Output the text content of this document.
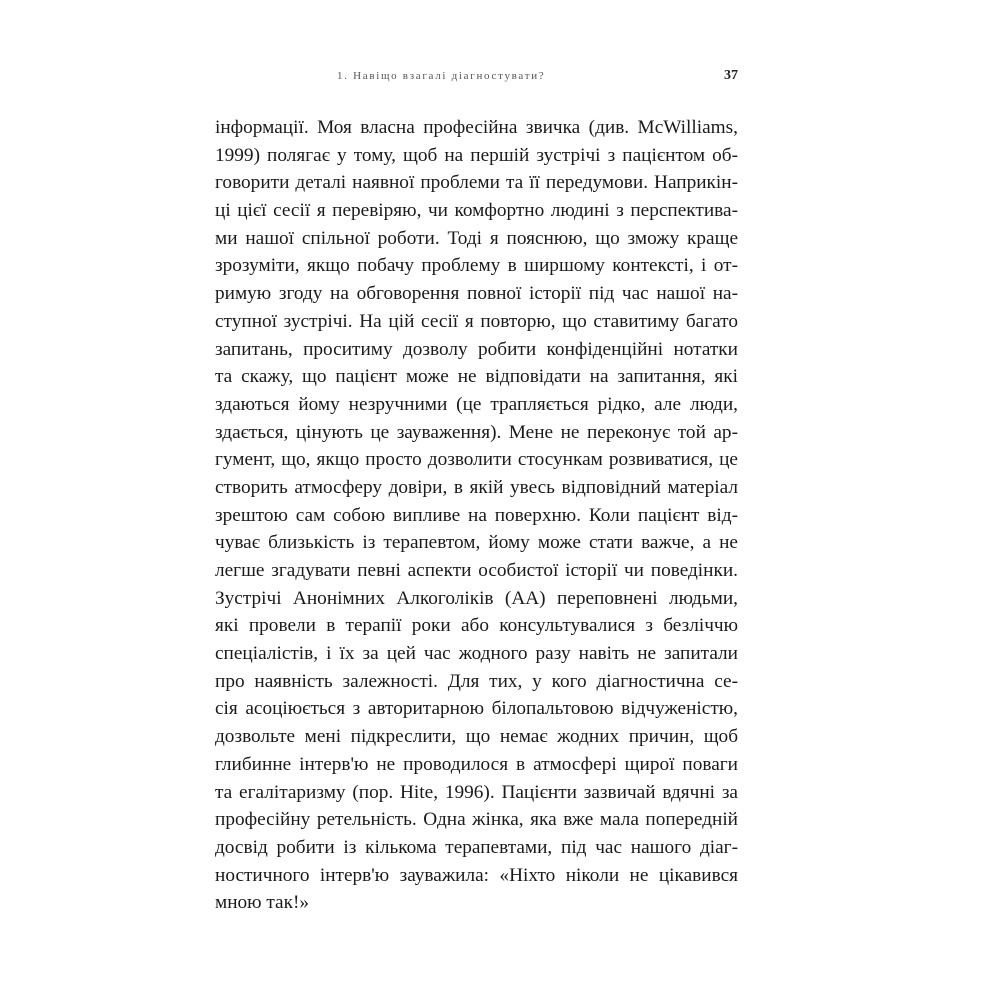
1. Навіщо взагалі діагностувати?	37
інформації. Моя власна професійна звичка (див. McWilliams,
1999) полягає у тому, щоб на першій зустрічі з пацієнтом об-
говорити деталі наявної проблеми та її передумови. Наприкін-
ці цієї сесії я перевіряю, чи комфортно людині з перспектива-
ми нашої спільної роботи. Тоді я пояснюю, що зможу краще
зрозуміти, якщо побачу проблему в ширшому контексті, і от-
римую згоду на обговорення повної історії під час нашої на-
ступної зустрічі. На цій сесії я повторю, що ставитиму багато
запитань, проситиму дозволу робити конфіденційні нотатки
та скажу, що пацієнт може не відповідати на запитання, які
здаються йому незручними (це трапляється рідко, але люди,
здається, цінують це зауваження). Мене не переконує той ар-
гумент, що, якщо просто дозволити стосункам розвиватися, це
створить атмосферу довіри, в якій увесь відповідний матеріал
зрештою сам собою випливе на поверхню. Коли пацієнт від-
чуває близькість із терапевтом, йому може стати важче, а не
легше згадувати певні аспекти особистої історії чи поведінки.
Зустрічі Анонімних Алкоголіків (АА) переповнені людьми,
які провели в терапії роки або консультувалися з безліччю
спеціалістів, і їх за цей час жодного разу навіть не запитали
про наявність залежності. Для тих, у кого діагностична се-
сія асоціюється з авторитарною білопальтовою відчуженістю,
дозвольте мені підкреслити, що немає жодних причин, щоб
глибинне інтерв'ю не проводилося в атмосфері щирої поваги
та егалітаризму (пор. Hite, 1996). Пацієнти зазвичай вдячні за
професійну ретельність. Одна жінка, яка вже мала попередній
досвід робити із кількома терапевтами, під час нашого діаг-
ностичного інтерв'ю зауважила: «Ніхто ніколи не цікавився
мною так!»
